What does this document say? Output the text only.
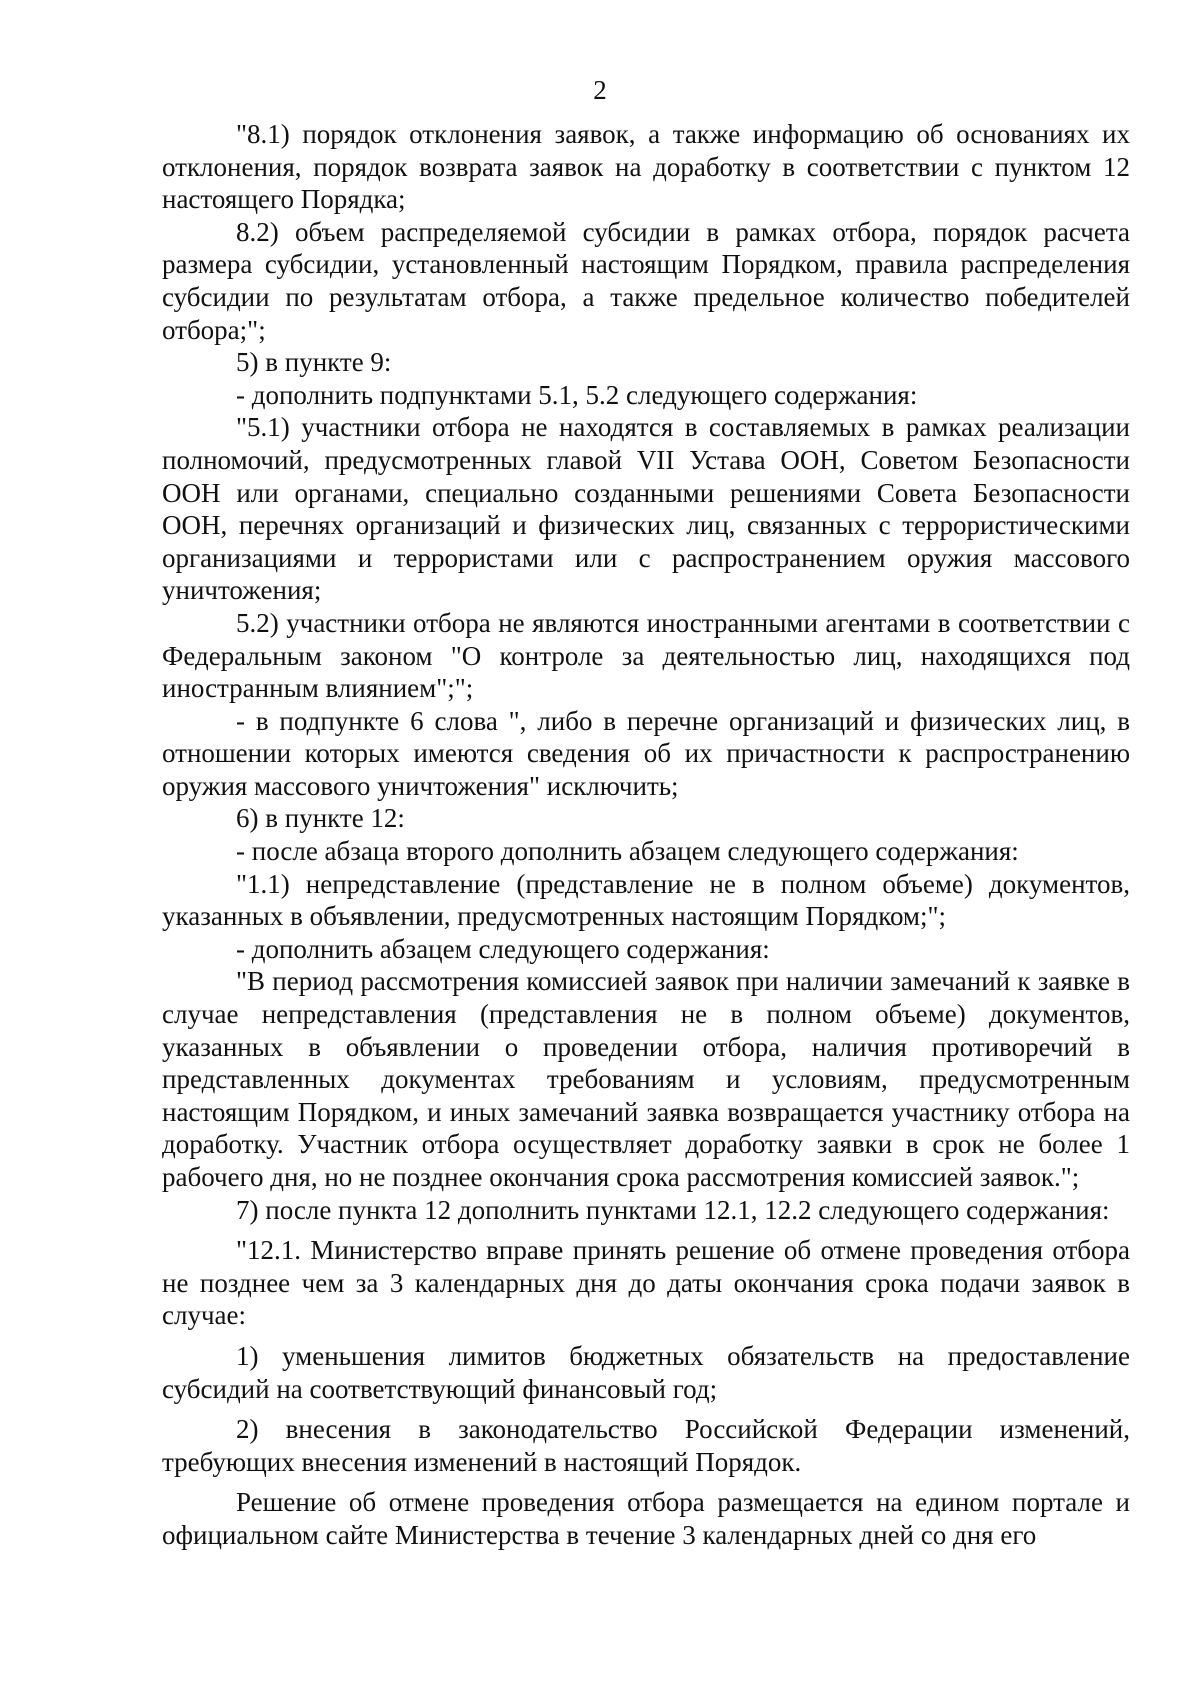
2

"8.1) порядок отклонения заявок, а также информацию об основаниях их отклонения, порядок возврата заявок на доработку в соответствии с пунктом 12 настоящего Порядка;

8.2) объем распределяемой субсидии в рамках отбора, порядок расчета размера субсидии, установленный настоящим Порядком, правила распределения субсидии по результатам отбора, а также предельное количество победителей отбора;";

5) в пункте 9:

- дополнить подпунктами 5.1, 5.2 следующего содержания:

"5.1) участники отбора не находятся в составляемых в рамках реализации полномочий, предусмотренных главой VII Устава ООН, Советом Безопасности ООН или органами, специально созданными решениями Совета Безопасности ООН, перечнях организаций и физических лиц, связанных с террористическими организациями и террористами или с распространением оружия массового уничтожения;

5.2) участники отбора не являются иностранными агентами в соответствии с Федеральным законом "О контроле за деятельностью лиц, находящихся под иностранным влиянием";";

- в подпункте 6 слова ", либо в перечне организаций и физических лиц, в отношении которых имеются сведения об их причастности к распространению оружия массового уничтожения" исключить;

6) в пункте 12:

- после абзаца второго дополнить абзацем следующего содержания:

"1.1) непредставление (представление не в полном объеме) документов, указанных в объявлении, предусмотренных настоящим Порядком;";

- дополнить абзацем следующего содержания:

"В период рассмотрения комиссией заявок при наличии замечаний к заявке в случае непредставления (представления не в полном объеме) документов, указанных в объявлении о проведении отбора, наличия противоречий в представленных документах требованиям и условиям, предусмотренным настоящим Порядком, и иных замечаний заявка возвращается участнику отбора на доработку. Участник отбора осуществляет доработку заявки в срок не более 1 рабочего дня, но не позднее окончания срока рассмотрения комиссией заявок.";

7) после пункта 12 дополнить пунктами 12.1, 12.2 следующего содержания:

"12.1. Министерство вправе принять решение об отмене проведения отбора не позднее чем за 3 календарных дня до даты окончания срока подачи заявок в случае:

1) уменьшения лимитов бюджетных обязательств на предоставление субсидий на соответствующий финансовый год;

2) внесения в законодательство Российской Федерации изменений, требующих внесения изменений в настоящий Порядок.

Решение об отмене проведения отбора размещается на едином портале и официальном сайте Министерства в течение 3 календарных дней со дня его
